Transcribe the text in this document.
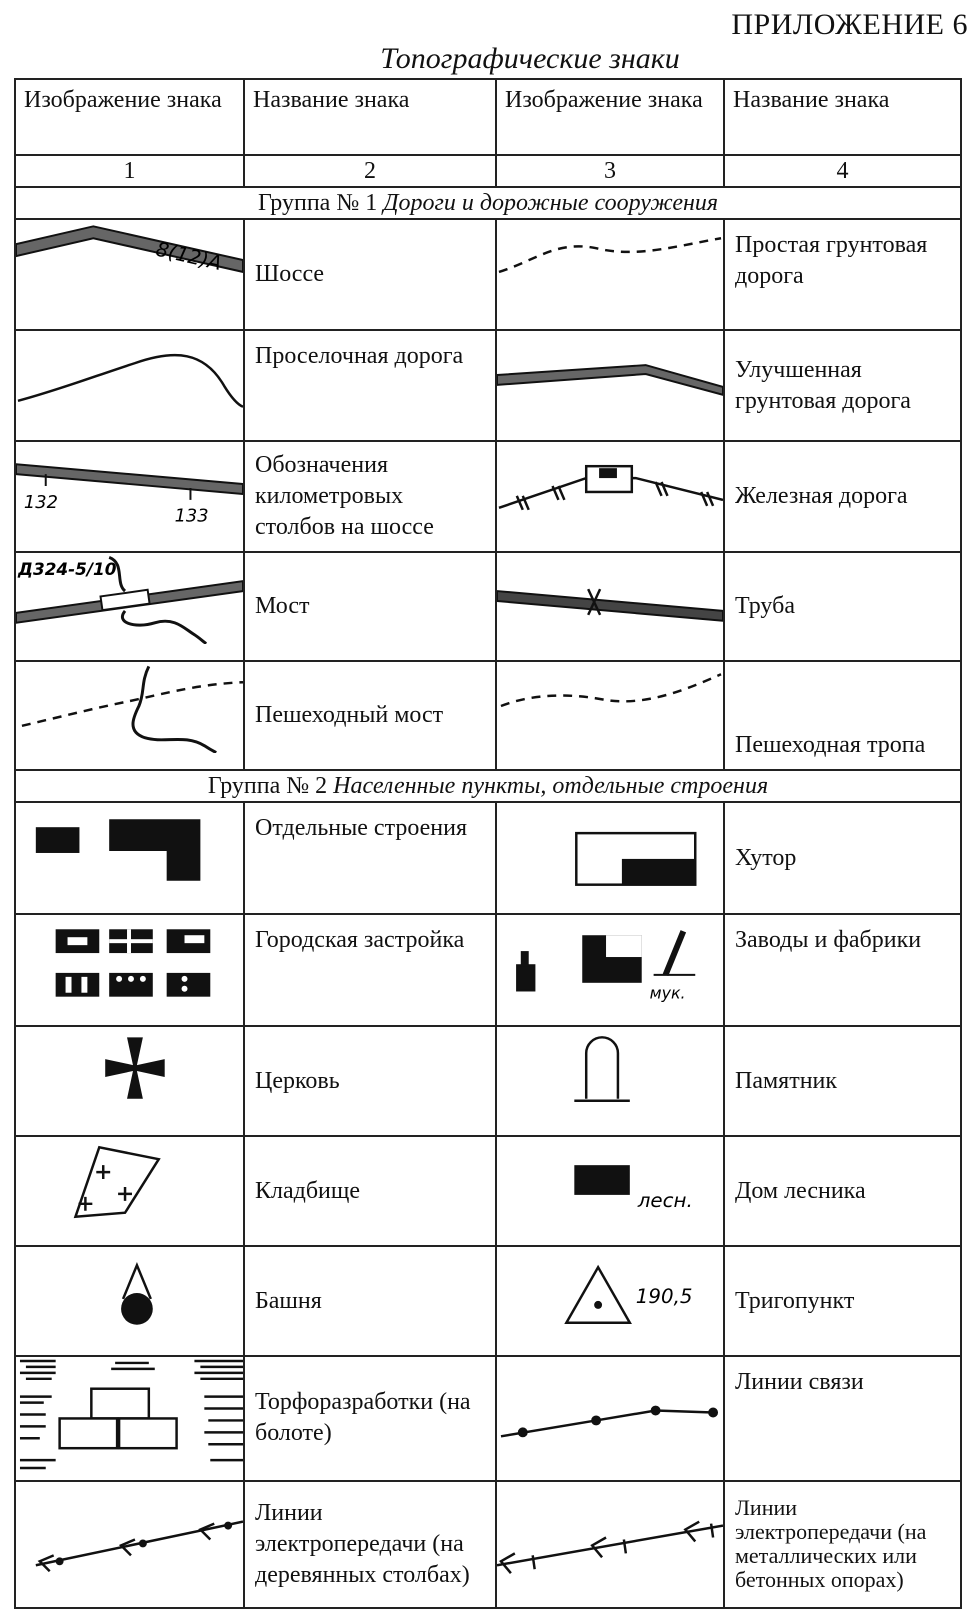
ПРИЛОЖЕНИЕ 6
Топографические знаки
Изображение знака	Название знака	Изображение знака	Название знака
1	2	3	4
Группа № 1 Дороги и дорожные сооружения			

8(12)A	Шоссе		Простая грунтовая дорога

	Проселочная дорога		Улучшенная грунтовая дорога

132
133	Обозначения километровых столбов на шоссе		Железная дорога

Д324-5/10	Мост		Труба

	Пешеходный мост		Пешеходная тропа
Группа № 2 Населенные пункты, отдельные строения			

	Отдельные строения		Хутор

	Городская застройка	мук.	Заводы и фабрики

	Церковь		Памятник

	Кладбище	лесн.	Дом лесника

	Башня	190,5	Тригопункт

	Торфоразработки (на болоте)		Линии связи

	Линии электропередачи (на деревянных столбах)		Линии электропередачи (на металлических или бетонных опорах)
